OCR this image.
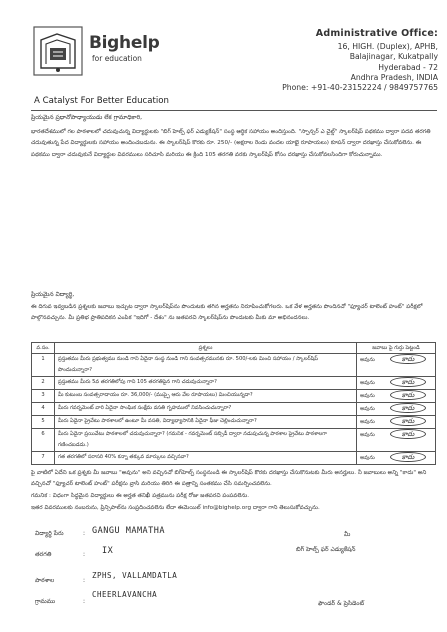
Bighelp
for education
A Catalyst For Better Education
Administrative Office:
16, HIGH. (Duplex), APHB,
Balajinagar, Kukatpally
Hyderabad - 72
Andhra Pradesh, INDIA
Phone: +91-40-23152224 / 9849757765
ప్రియమైన ప్రధానోపాధ్యాయుడు లేక గ్రామాధికారి,
భారతదేశములో గల పాఠశాలలో చదువుచున్న విద్యార్థులకు "బిగ్ హెల్ప్ ఫర్ ఎడ్యుకేషన్" సంస్థ ఆర్థిక సహాయం అందిస్తుంది. "స్పాన్సర్ ఎ చైల్డ్" స్కాలర్‌షిప్ పథకము ద్వారా పదవ తరగతి చదువుతున్న పేద విద్యార్థులకు సహాయం అందించబడును. ఈ స్కాలర్‌షిప్ కొరకు రూ. 250/- (అక్షరాల రెండు వందల యాభై రూపాయలు) కూపన్ ద్వారా దరఖాస్తు చేసుకోవలెను. ఈ పథకము ద్వారా చదువుకునే విద్యార్థుల వివరములు సరిచూసి మరియు ఈ క్రింది 105 తరగతి వరకు స్కాలర్‌షిప్ కోసం దరఖాస్తు చేసుకోవలసిందిగా కోరుచున్నాము.
ప్రియమైన విద్యార్థి,
ఈ దిగువ ఇవ్వబడిన ప్రశ్నలకు జవాబు ఇచ్చుట ద్వారా స్కాలర్‌షిప్‌ను పొందుటకు తగిన అర్హతను నిరూపించుకోగలరు. ఒక వేళ అర్హతను పొందినచో "ఫ్యూచర్ టాలెంట్ హంట్" పరీక్షలో పాల్గొనవచ్చును. మీ ప్రతిభ ప్రాతిపదికన ఎంపిక "ఇదిగో - దేశం" ను జతపరచి స్కాలర్‌షిప్‌ను పొందుటకు మీకు మా అభినందనలు.
వ.సం.	ప్రశ్నలు	జవాబు పై గుర్తు పెట్టండి
1	ప్రస్తుతము మీరు ప్రభుత్వము నుండి గాని ఏదైనా సంస్థ నుండి గాని సంవత్సరమునకు రూ. 500/-లకు మించి సహాయం / స్కాలర్‌షిప్ పొందుచున్నారా?	అవును కాదు
2	ప్రస్తుతము మీరు 5వ తరగతిలోపు గాని 105 తరగతిపైన గాని చదువుచున్నారా?	అవును కాదు
3	మీ కుటుంబ సంవత్సరాదాయం రూ. 36,000/- (ముప్పై ఆరు వేల రూపాయలు) మించియున్నదా?	అవును కాదు
4	మీరు గవర్నమెంట్ వారి ఏదైనా సాంఘిక సంక్షేమ వసతి గృహములో నివసించుచున్నారా?	అవును కాదు
5	మీరు ఏదైనా ప్రైవేటు పాఠశాలలో ఉంటూ మీ వసతి, విద్యాభ్యాసానికి ఏదైనా ఫీజు చెల్లించుచున్నారా?	అవును కాదు
6	మీరు ఏదైనా ప్రయివేటు పాఠశాలలో చదువుచున్నారా? (గమనిక - గవర్నమెంట్ సబ్సిడీ ద్వారా నడుపుచున్న పాఠశాల ప్రైవేటు పాఠశాలగా గణించబడదు.)	అవును కాదు
7	గత తరగతిలో సరాసరి 40% కన్నా తక్కువ మార్కులు వచ్చినవా?	అవును కాదు
పై వాటిలో ఏదేని ఒక ప్రశ్నకు మీ జవాబు "అవును" అని వచ్చినచో బిగ్‌హెల్ప్ సంస్థనుండి ఈ స్కాలర్‌షిప్ కొరకు దరఖాస్తు చేసుకొనుటకు మీరు అనర్హులు. నీ జవాబులు అన్ని "కాదు" అని వచ్చినచో "ఫ్యూచర్ టాలెంట్ హంట్" పరీక్షను వ్రాసి మరియు తిరిగి ఈ పత్రాన్ని సంతకము చేసి సమర్పించవలెను.
గమనిక : విధంగా సిద్ధమైన విద్యార్థులు ఈ అర్హత తనిఖీ పత్రమును పరీక్ష రోజు జతపరచి పంపవలెను.
ఇతర వివరములకు నంబరును, ప్రిన్సిపాల్‌ను సంప్రదించవలెను లేదా ఈమెయిల్ info@bighelp.org ద్వారా గాని తెలుసుకోవచ్చును.
విద్యార్థి పేరు	: GANGU MAMATHA
తరగతి	: IX
పాఠశాల	:
ZPHS, VALLAMDATLA
గ్రామము	:
CHEERLAVANCHA
మీ
బిగ్ హెల్ప్ ఫర్ ఎడ్యుకేషన్
ఫౌండర్ & ప్రెసిడెంట్
